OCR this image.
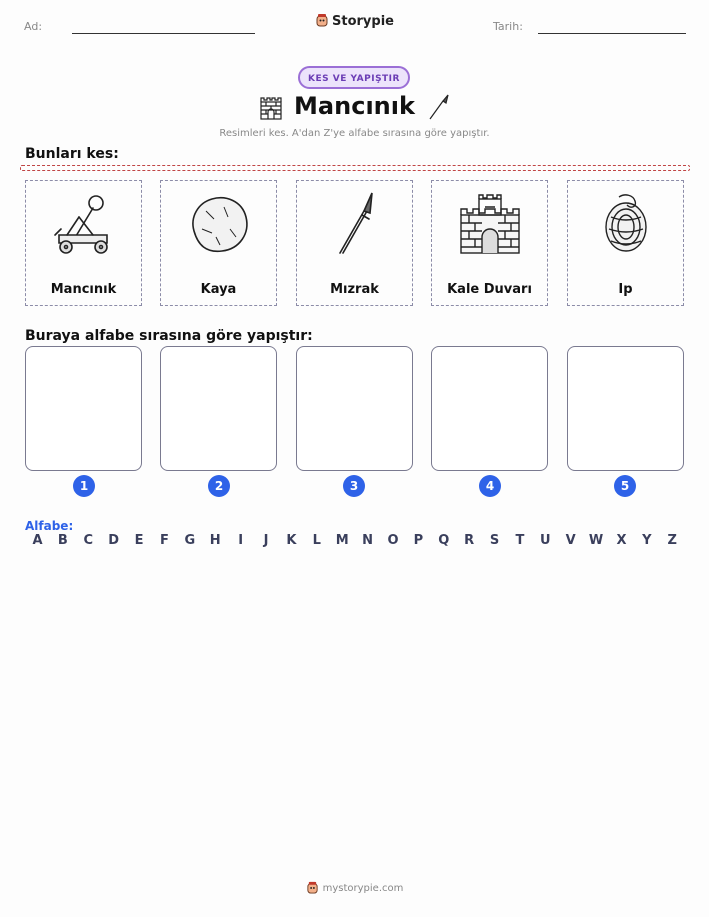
Ad:	Storypie	Tarih:
KES VE YAPIŞTIR
Mancınık
Resimleri kes. A'dan Z'ye alfabe sırasına göre yapıştır.
Bunları kes:
Mancınık	Kaya	Mızrak	Kale Duvarı	Ip
Buraya alfabe sırasına göre yapıştır:
1	2	3	4	5
Alfabe:
A	B	C	D	E	F	G	H	I	J	K	L	M	N	O	P	Q	R	S	T	U	V	W	X	Y	Z
mystorypie.com
